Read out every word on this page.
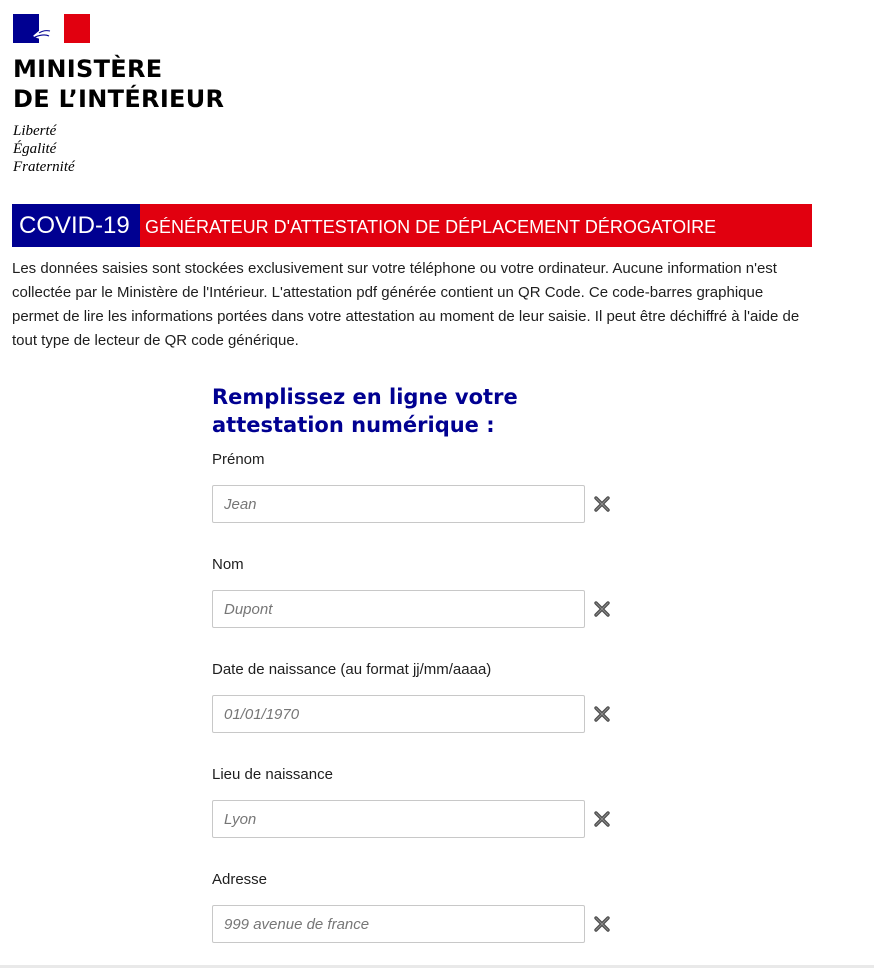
MINISTÈRE
DE L’INTÉRIEUR
Liberté
Égalité
Fraternité
COVID-19 GÉNÉRATEUR D'ATTESTATION DE DÉPLACEMENT DÉROGATOIRE

Les données saisies sont stockées exclusivement sur votre téléphone ou votre ordinateur. Aucune information n'est collectée par le Ministère de l'Intérieur. L'attestation pdf générée contient un QR Code. Ce code-barres graphique permet de lire les informations portées dans votre attestation au moment de leur saisie. Il peut être déchiffré à l'aide de tout type de lecteur de QR code générique.

Remplissez en ligne votre attestation numérique :
Prénom
Jean
Nom
Dupont
Date de naissance (au format jj/mm/aaaa)
01/01/1970
Lieu de naissance
Lyon
Adresse
999 avenue de france
